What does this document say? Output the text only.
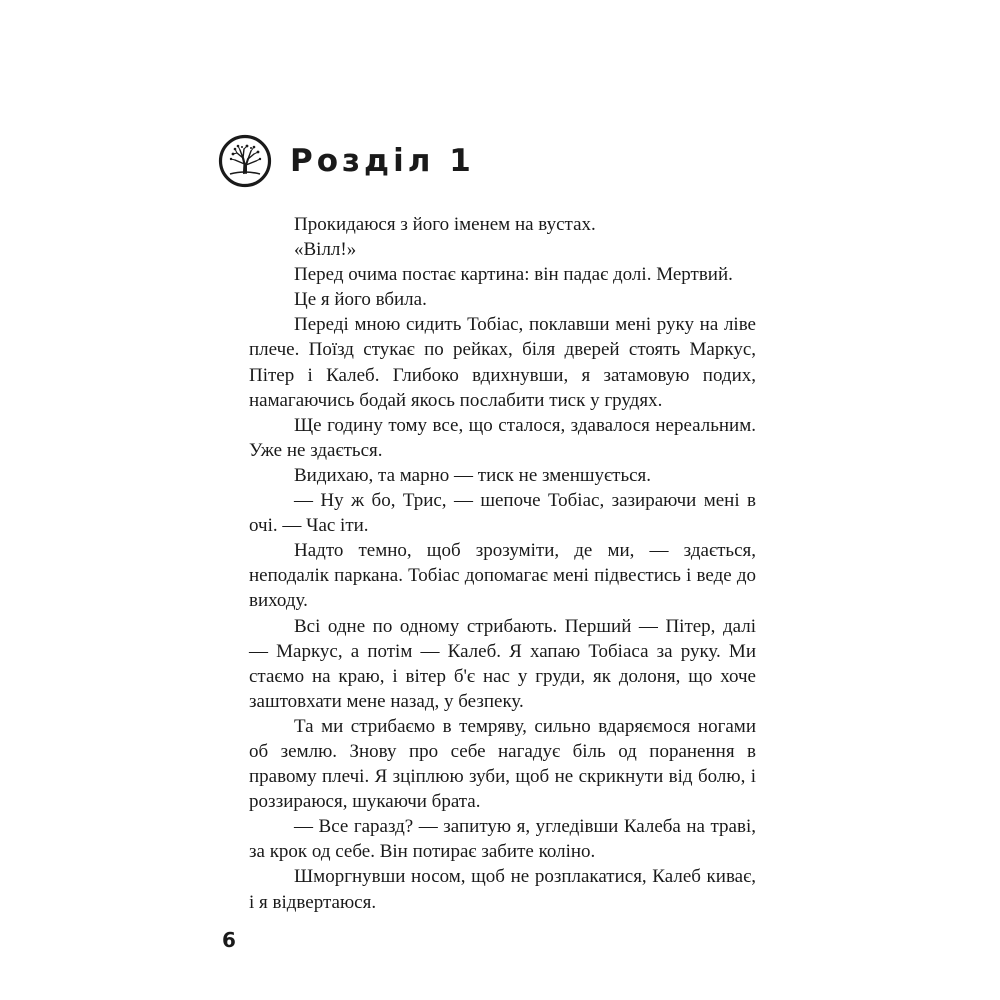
Розділ 1

Прокидаюся з його іменем на вустах.

«Вілл!»

Перед очима постає картина: він падає долі. Мертвий.

Це я його вбила.

Переді мною сидить Тобіас, поклавши мені руку на ліве плече. Поїзд стукає по рейках, біля дверей стоять Маркус, Пітер і Калеб. Глибоко вдихнувши, я затамовую подих, намагаючись бодай якось послабити тиск у грудях.

Ще годину тому все, що сталося, здавалося нереальним. Уже не здається.

Видихаю, та марно — тиск не зменшується.

— Ну ж бо, Трис, — шепоче Тобіас, зазираючи мені в очі. — Час іти.

Надто темно, щоб зрозуміти, де ми, — здається, неподалік паркана. Тобіас допомагає мені підвестись і веде до виходу.

Всі одне по одному стрибають. Перший — Пітер, далі — Маркус, а потім — Калеб. Я хапаю Тобіаса за руку. Ми стаємо на краю, і вітер б'є нас у груди, як долоня, що хоче заштовхати мене назад, у безпеку.

Та ми стрибаємо в темряву, сильно вдаряємося ногами об землю. Знову про себе нагадує біль од поранення в правому плечі. Я зціплюю зуби, щоб не скрикнути від болю, і роззираюся, шукаючи брата.

— Все гаразд? — запитую я, угледівши Калеба на траві, за крок од себе. Він потирає забите коліно.

Шморгнувши носом, щоб не розплакатися, Калеб киває, і я відвертаюся.

6
